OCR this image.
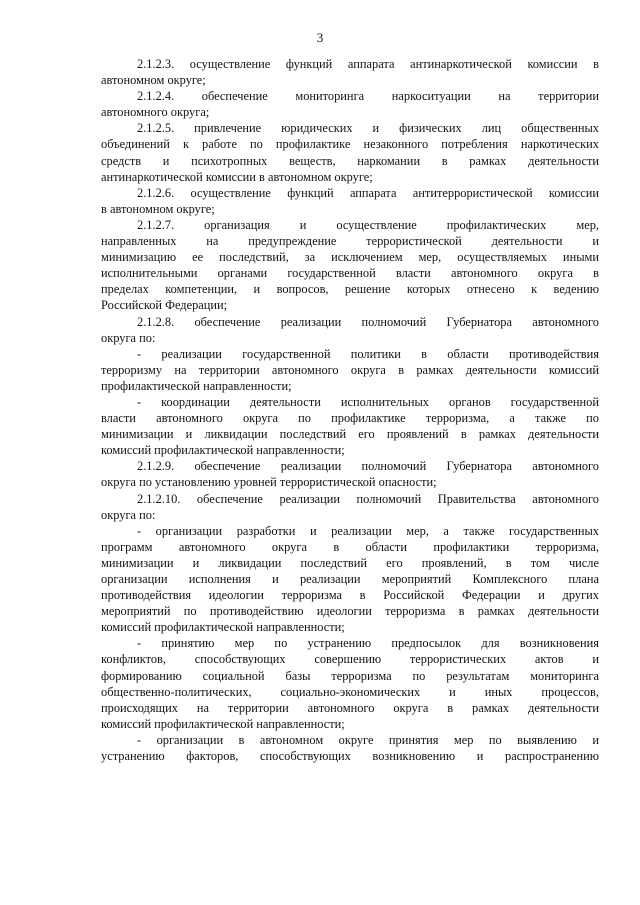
3
2.1.2.3. осуществление функций аппарата антинаркотической комиссии в
автономном округе;
2.1.2.4. обеспечение мониторинга наркоситуации на территории
автономного округа;
2.1.2.5. привлечение юридических и физических лиц общественных
объединений к работе по профилактике незаконного потребления наркотических
средств и психотропных веществ, наркомании в рамках деятельности
антинаркотической комиссии в автономном округе;
2.1.2.6. осуществление функций аппарата антитеррористической комиссии
в автономном округе;
2.1.2.7. организация и осуществление профилактических мер,
направленных на предупреждение террористической деятельности и
минимизацию ее последствий, за исключением мер, осуществляемых иными
исполнительными органами государственной власти автономного округа в
пределах компетенции, и вопросов, решение которых отнесено к ведению
Российской Федерации;
2.1.2.8. обеспечение реализации полномочий Губернатора автономного
округа по:
- реализации государственной политики в области противодействия
терроризму на территории автономного округа в рамках деятельности комиссий
профилактической направленности;
- координации деятельности исполнительных органов государственной
власти автономного округа по профилактике терроризма, а также по
минимизации и ликвидации последствий его проявлений в рамках деятельности
комиссий профилактической направленности;
2.1.2.9. обеспечение реализации полномочий Губернатора автономного
округа по установлению уровней террористической опасности;
2.1.2.10. обеспечение реализации полномочий Правительства автономного
округа по:
- организации разработки и реализации мер, а также государственных
программ автономного округа в области профилактики терроризма,
минимизации и ликвидации последствий его проявлений, в том числе
организации исполнения и реализации мероприятий Комплексного плана
противодействия идеологии терроризма в Российской Федерации и других
мероприятий по противодействию идеологии терроризма в рамках деятельности
комиссий профилактической направленности;
- принятию мер по устранению предпосылок для возникновения
конфликтов, способствующих совершению террористических актов и
формированию социальной базы терроризма по результатам мониторинга
общественно-политических, социально-экономических и иных процессов,
происходящих на территории автономного округа в рамках деятельности
комиссий профилактической направленности;
- организации в автономном округе принятия мер по выявлению и
устранению факторов, способствующих возникновению и распространению
